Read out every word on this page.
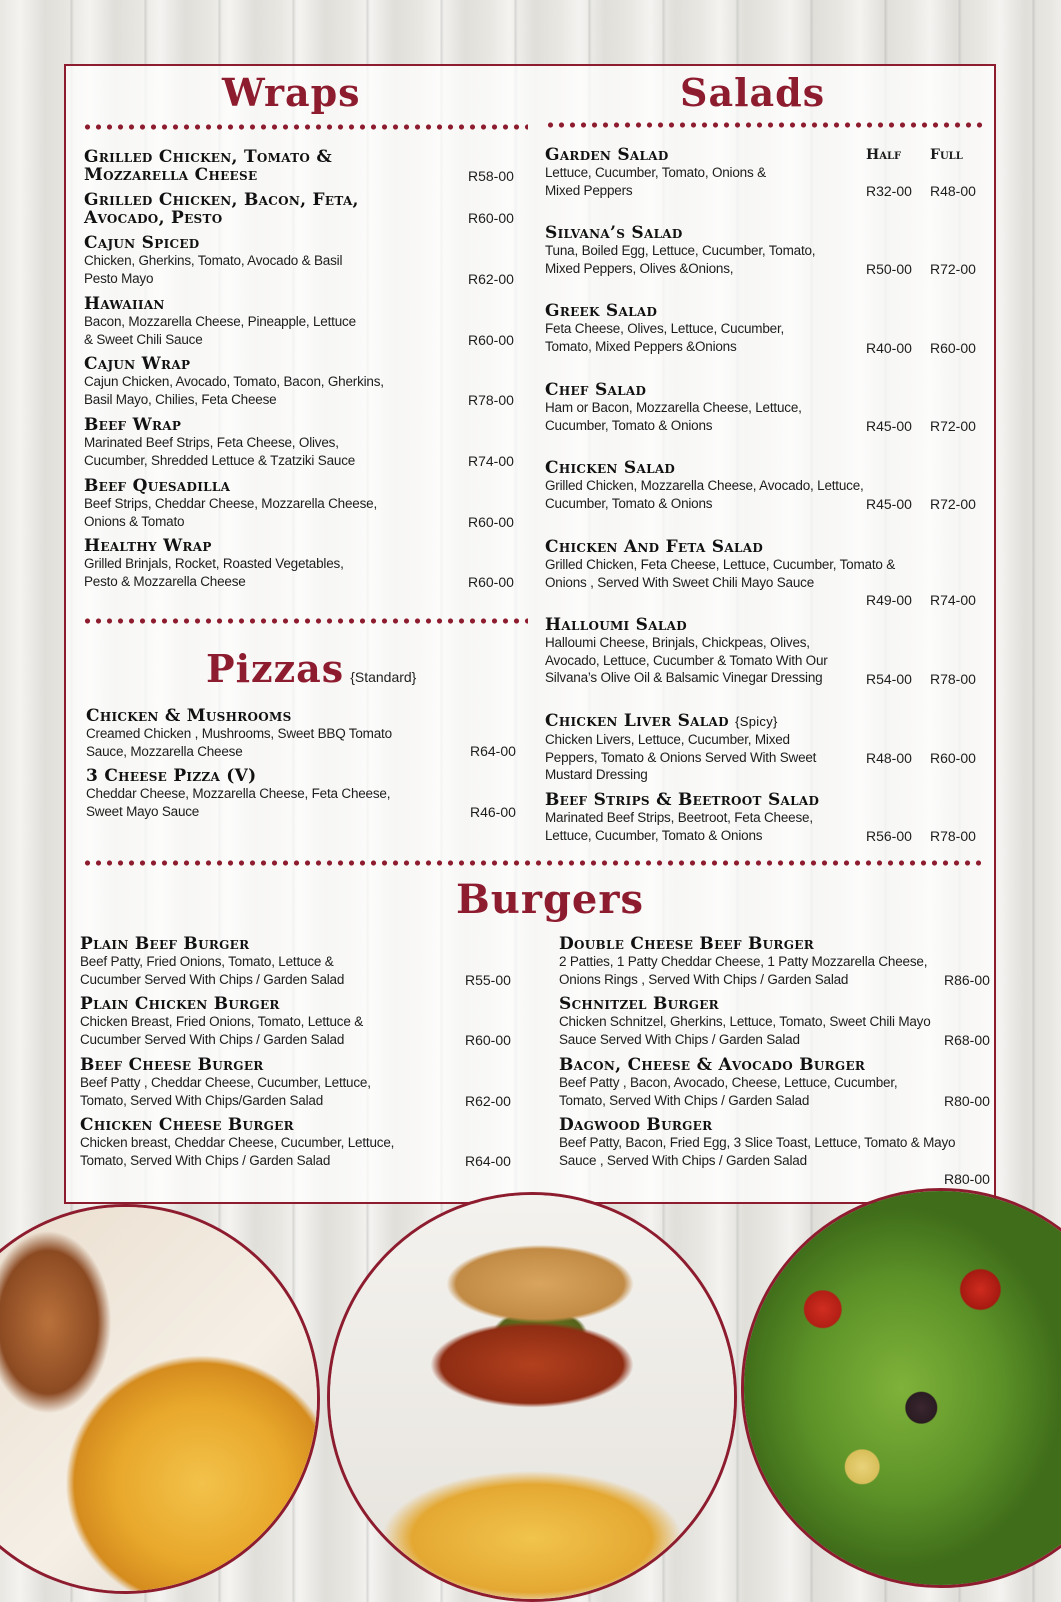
Wraps
Grilled Chicken, Tomato & Mozzarella Cheese	R58-00
Grilled Chicken, Bacon, Feta, Avocado, Pesto	R60-00
Cajun Spiced
Chicken, Gherkins, Tomato, Avocado & Basil Pesto Mayo	R62-00
Hawaiian
Bacon, Mozzarella Cheese, Pineapple, Lettuce & Sweet Chili Sauce	R60-00
Cajun Wrap
Cajun Chicken, Avocado, Tomato, Bacon, Gherkins, Basil Mayo, Chilies, Feta Cheese	R78-00
Beef Wrap
Marinated Beef Strips, Feta Cheese, Olives, Cucumber, Shredded Lettuce & Tzatziki Sauce	R74-00
Beef Quesadilla
Beef Strips, Cheddar Cheese, Mozzarella Cheese, Onions & Tomato	R60-00
Healthy Wrap
Grilled Brinjals, Rocket, Roasted Vegetables, Pesto & Mozzarella Cheese	R60-00
Pizzas {Standard}
Chicken & Mushrooms
Creamed Chicken , Mushrooms, Sweet BBQ Tomato Sauce, Mozzarella Cheese	R64-00
3 Cheese Pizza (V)
Cheddar Cheese, Mozzarella Cheese, Feta Cheese, Sweet Mayo Sauce	R46-00
Salads
Half Full
Garden Salad
Lettuce, Cucumber, Tomato, Onions & Mixed Peppers	R32-00 R48-00
Silvana’s Salad
Tuna, Boiled Egg, Lettuce, Cucumber, Tomato, Mixed Peppers, Olives &Onions,	R50-00 R72-00
Greek Salad
Feta Cheese, Olives, Lettuce, Cucumber, Tomato, Mixed Peppers &Onions	R40-00 R60-00
Chef Salad
Ham or Bacon, Mozzarella Cheese, Lettuce, Cucumber, Tomato & Onions	R45-00 R72-00
Chicken Salad
Grilled Chicken, Mozzarella Cheese, Avocado, Lettuce, Cucumber, Tomato & Onions	R45-00 R72-00
Chicken And Feta Salad
Grilled Chicken, Feta Cheese, Lettuce, Cucumber, Tomato & Onions , Served With Sweet Chili Mayo Sauce
R49-00 R74-00
Halloumi Salad
Halloumi Cheese, Brinjals, Chickpeas, Olives, Avocado, Lettuce, Cucumber & Tomato With Our Silvana’s Olive Oil & Balsamic Vinegar Dressing	R54-00 R78-00
Chicken Liver Salad {Spicy}
Chicken Livers, Lettuce, Cucumber, Mixed Peppers, Tomato & Onions Served With Sweet Mustard Dressing
R48-00 R60-00
Beef Strips & Beetroot Salad
Marinated Beef Strips, Beetroot, Feta Cheese, Lettuce, Cucumber, Tomato & Onions	R56-00 R78-00
Burgers
Plain Beef Burger
Beef Patty, Fried Onions, Tomato, Lettuce & Cucumber Served With Chips / Garden Salad	R55-00
Plain Chicken Burger
Chicken Breast, Fried Onions, Tomato, Lettuce & Cucumber Served With Chips / Garden Salad	R60-00
Beef Cheese Burger
Beef Patty , Cheddar Cheese, Cucumber, Lettuce, Tomato, Served With Chips/Garden Salad	R62-00
Chicken Cheese Burger
Chicken breast, Cheddar Cheese, Cucumber, Lettuce, Tomato, Served With Chips / Garden Salad	R64-00
Double Cheese Beef Burger
2 Patties, 1 Patty Cheddar Cheese, 1 Patty Mozzarella Cheese, Onions Rings , Served With Chips / Garden Salad	R86-00
Schnitzel Burger
Chicken Schnitzel, Gherkins, Lettuce, Tomato, Sweet Chili Mayo Sauce Served With Chips / Garden Salad	R68-00
Bacon, Cheese & Avocado Burger
Beef Patty , Bacon, Avocado, Cheese, Lettuce, Cucumber, Tomato, Served With Chips / Garden Salad	R80-00
Dagwood Burger
Beef Patty, Bacon, Fried Egg, 3 Slice Toast, Lettuce, Tomato & Mayo Sauce , Served With Chips / Garden Salad
R80-00
